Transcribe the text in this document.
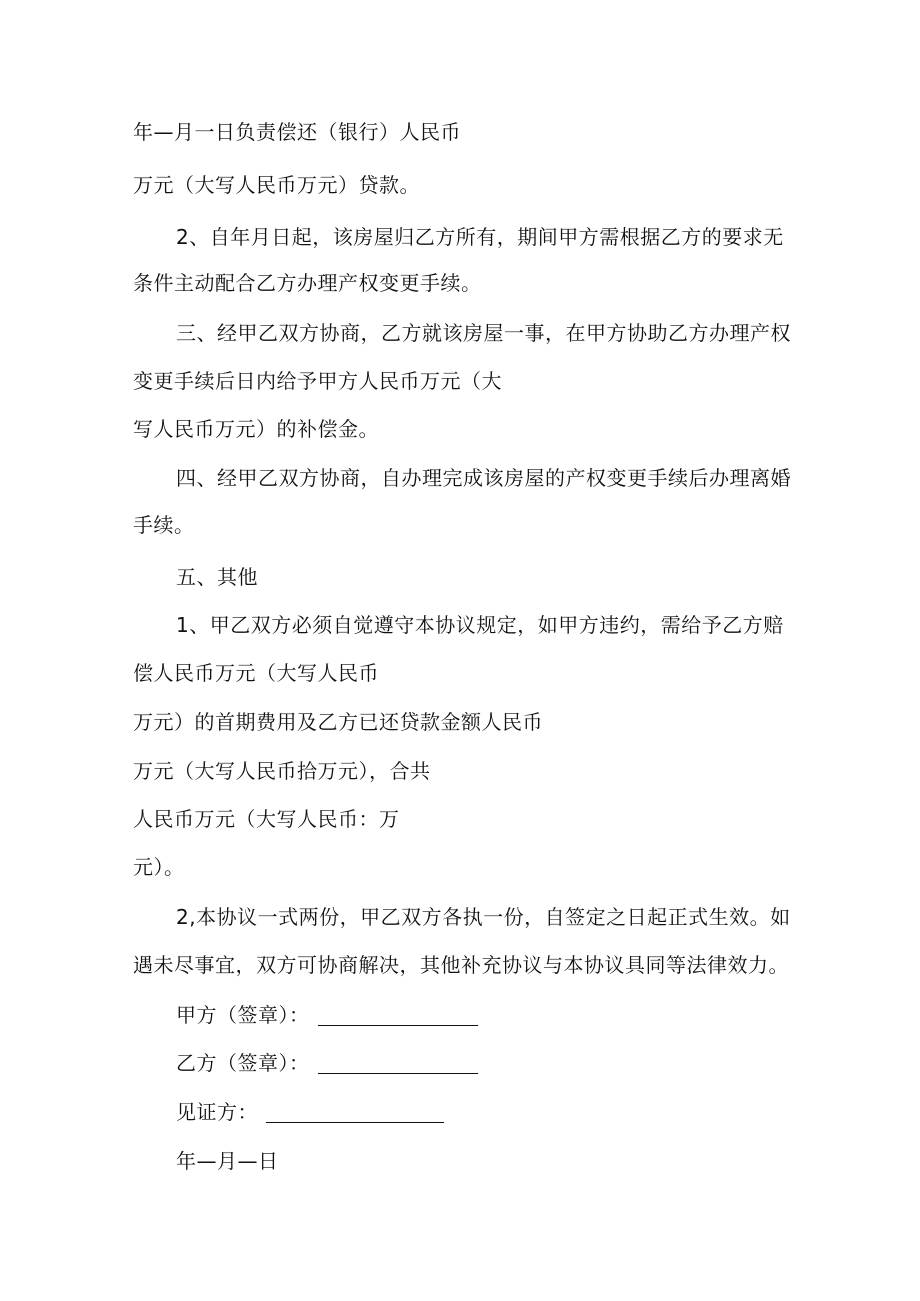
年—月一日负责偿还（银行）人民币
万元（大写人民币万元）贷款。
2、自年月日起，该房屋归乙方所有，期间甲方需根据乙方的要求无
条件主动配合乙方办理产权变更手续。
三、经甲乙双方协商，乙方就该房屋一事，在甲方协助乙方办理产权
变更手续后日内给予甲方人民币万元（大
写人民币万元）的补偿金。
四、经甲乙双方协商，自办理完成该房屋的产权变更手续后办理离婚
手续。
五、其他
1、甲乙双方必须自觉遵守本协议规定，如甲方违约，需给予乙方赔
偿人民币万元（大写人民币
万元）的首期费用及乙方已还贷款金额人民币
万元（大写人民币拾万元），合共
人民币万元（大写人民币：万
元）。
2,本协议一式两份，甲乙双方各执一份，自签定之日起正式生效。如
遇未尽事宜，双方可协商解决，其他补充协议与本协议具同等法律效力。
甲方（签章）：
乙方（签章）：
见证方：
年—月—日
